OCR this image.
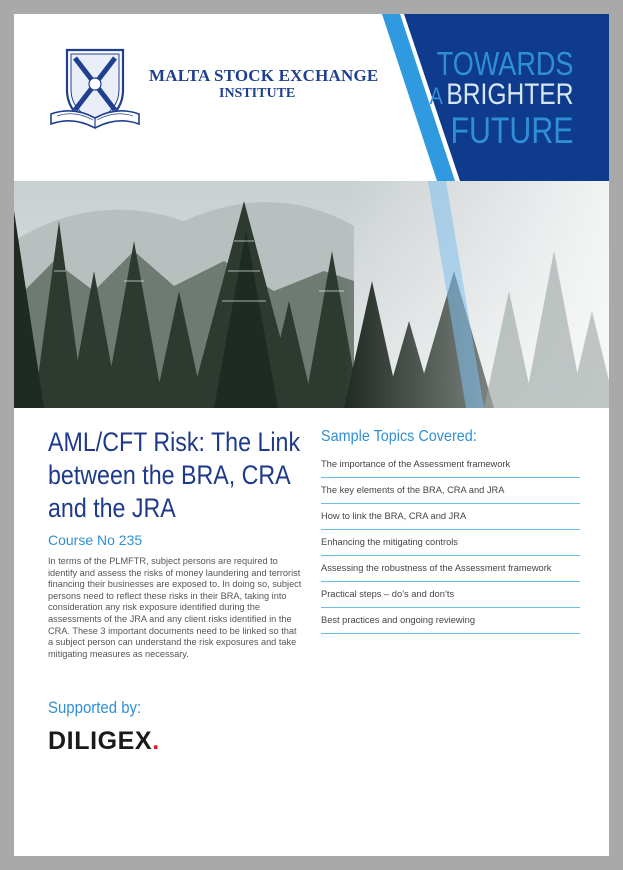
MALTA STOCK EXCHANGE
INSTITUTE
TOWARDS
A BRIGHTER
FUTURE
AML/CFT Risk: The Link between the BRA, CRA and the JRA
Course No 235
In terms of the PLMFTR, subject persons are required to identify and assess the risks of money laundering and terrorist financing their businesses are exposed to. In doing so, subject persons need to reflect these risks in their BRA, taking into consideration any risk exposure identified during the assessments of the JRA and any client risks identified in the CRA. These 3 important documents need to be linked so that a subject person can understand the risk exposures and take mitigating measures as necessary.
Supported by:
DILIGEX.
Sample Topics Covered:
The importance of the Assessment framework
The key elements of the BRA, CRA and JRA
How to link the BRA, CRA and JRA
Enhancing the mitigating controls
Assessing the robustness of the Assessment framework
Practical steps – do’s and don’ts
Best practices and ongoing reviewing
